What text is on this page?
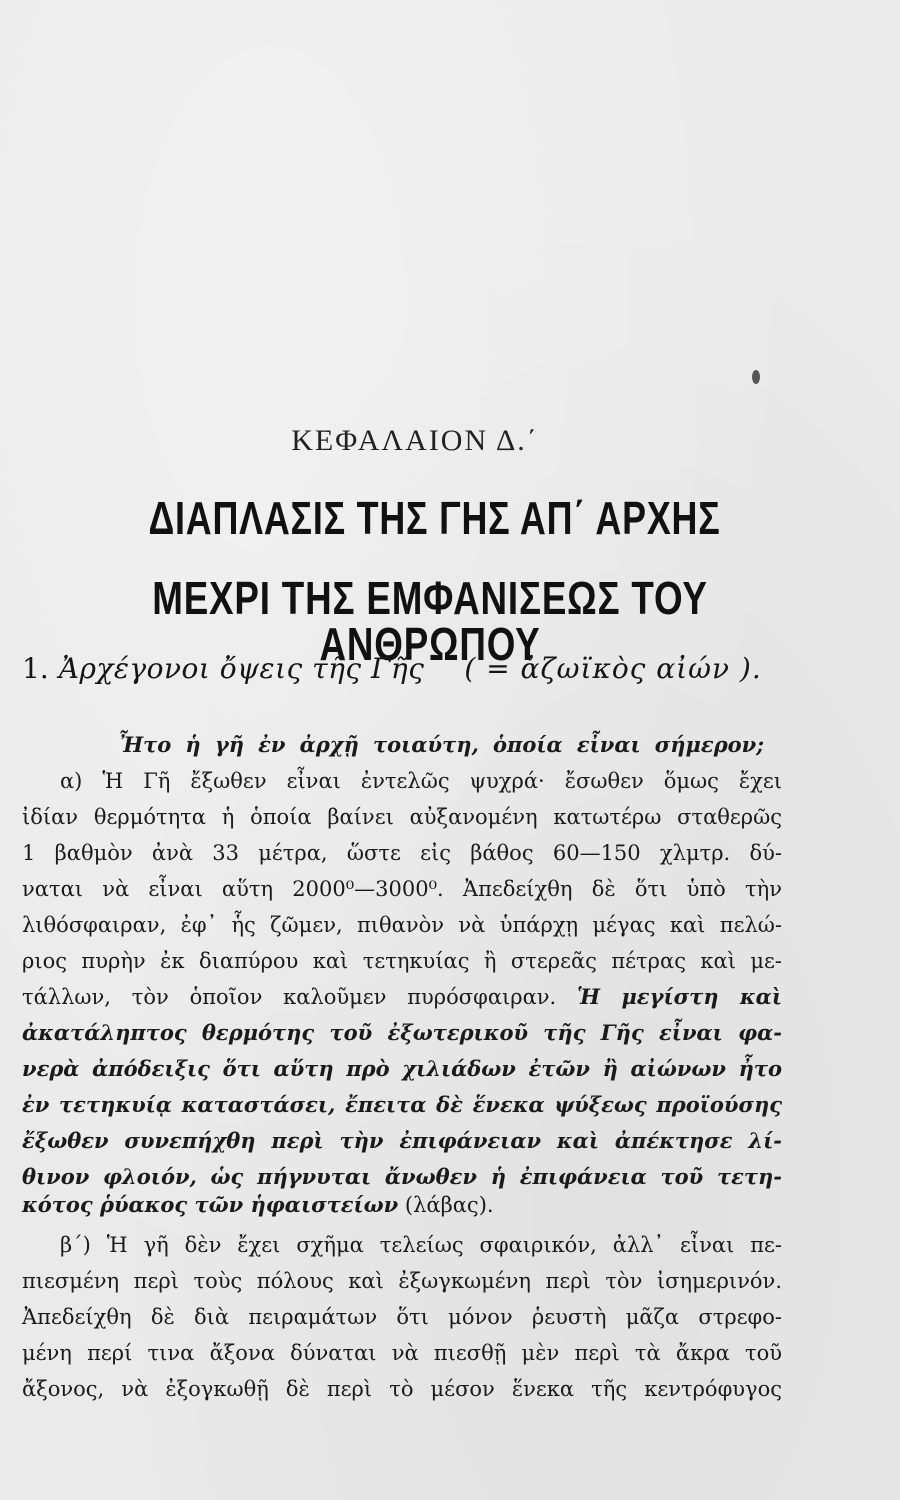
ΚΕΦΑΛΑΙΟΝ Δ.΄
ΔΙΑΠΛΑΣΙΣ ΤΗΣ ΓΗΣ ΑΠ΄ ΑΡΧΗΣ
ΜΕΧΡΙ ΤΗΣ ΕΜΦΑΝΙΣΕΩΣ ΤΟΥ ΑΝΘΡΩΠΟΥ
1. Ἀρχέγονοι ὄψεις τῆς Γῆς ( = ἀζωϊκὸς αἰών ).
Ἦτο ἡ γῆ ἐν ἀρχῇ τοιαύτη, ὁποία εἶναι σήμερον;
α) Ἡ Γῆ ἔξωθεν εἶναι ἐντελῶς ψυχρά· ἔσωθεν ὅμως ἔχει
ἰδίαν θερμότητα ἡ ὁποία βαίνει αὐξανομένη κατωτέρω σταθερῶς
1 βαθμὸν ἀνὰ 33 μέτρα, ὥστε εἰς βάθος 60—150 χλμτρ. δύ-
ναται νὰ εἶναι αὕτη 2000⁰—3000⁰. Ἀπεδείχθη δὲ ὅτι ὑπὸ τὴν
λιθόσφαιραν, ἐφ᾽ ἧς ζῶμεν, πιθανὸν νὰ ὑπάρχῃ μέγας καὶ πελώ-
ριος πυρὴν ἐκ διαπύρου καὶ τετηκυίας ἢ στερεᾶς πέτρας καὶ με-
τάλλων, τὸν ὁποῖον καλοῦμεν πυρόσφαιραν. Ἡ μεγίστη καὶ
ἀκατάληπτος θερμότης τοῦ ἐξωτερικοῦ τῆς Γῆς εἶναι φα-
νερὰ ἀπόδειξις ὅτι αὕτη πρὸ χιλιάδων ἐτῶν ἢ αἰώνων ἦτο
ἐν τετηκυίᾳ καταστάσει, ἔπειτα δὲ ἕνεκα ψύξεως προϊούσης
ἔξωθεν συνεπήχθη περὶ τὴν ἐπιφάνειαν καὶ ἀπέκτησε λί-
θινον φλοιόν, ὡς πήγνυται ἄνωθεν ἡ ἐπιφάνεια τοῦ τετη-
κότος ῥύακος τῶν ἡφαιστείων (λάβας).
β΄) Ἡ γῆ δὲν ἔχει σχῆμα τελείως σφαιρικόν, ἀλλ᾽ εἶναι πε-
πιεσμένη περὶ τοὺς πόλους καὶ ἐξωγκωμένη περὶ τὸν ἰσημερινόν.
Ἀπεδείχθη δὲ διὰ πειραμάτων ὅτι μόνον ῥευστὴ μᾶζα στρεφο-
μένη περί τινα ἄξονα δύναται νὰ πιεσθῇ μὲν περὶ τὰ ἄκρα τοῦ
ἄξονος, νὰ ἐξογκωθῇ δὲ περὶ τὸ μέσον ἕνεκα τῆς κεντρόφυγος
